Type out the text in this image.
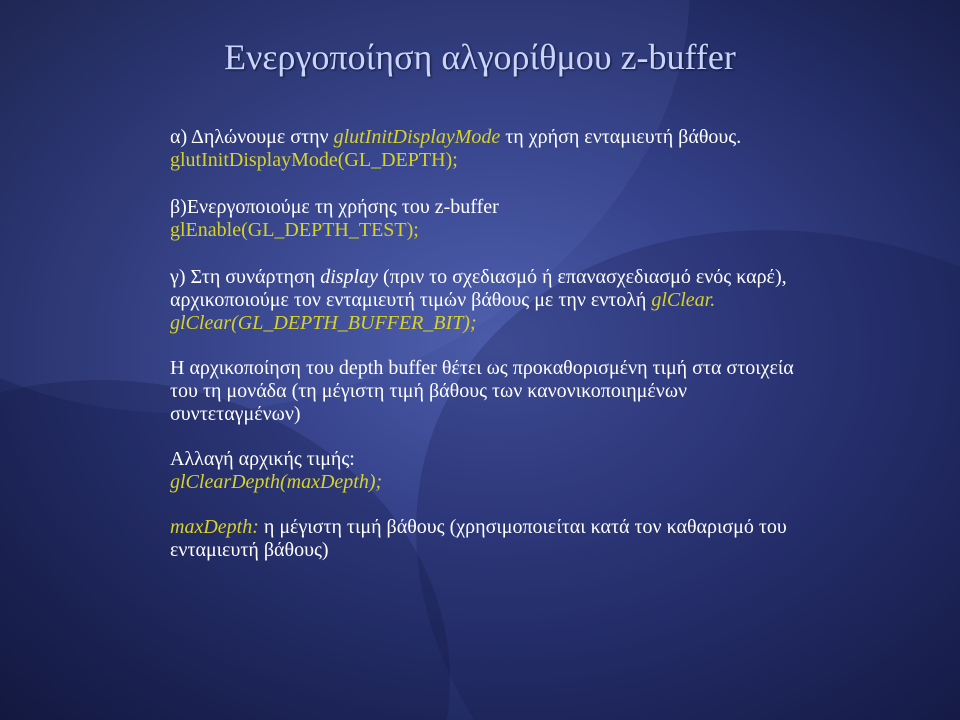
Ενεργοποίηση αλγορίθμου z-buffer

α) Δηλώνουμε στην glutInitDisplayMode τη χρήση ενταμιευτή βάθους.

glutInitDisplayMode(GL_DEPTH);

β)Ενεργοποιούμε τη χρήσης του z-buffer

glEnable(GL_DEPTH_TEST);

γ) Στη συνάρτηση display (πριν το σχεδιασμό ή επανασχεδιασμό ενός καρέ), αρχικοποιούμε τον ενταμιευτή τιμών βάθους με την εντολή glClear.

glClear(GL_DEPTH_BUFFER_BIT);

Η αρχικοποίηση του depth buffer θέτει ως προκαθορισμένη τιμή στα στοιχεία του τη μονάδα (τη μέγιστη τιμή βάθους των κανονικοποιημένων συντεταγμένων)

Αλλαγή αρχικής τιμής:

glClearDepth(maxDepth);

maxDepth: η μέγιστη τιμή βάθους (χρησιμοποιείται κατά τον καθαρισμό του ενταμιευτή βάθους)
